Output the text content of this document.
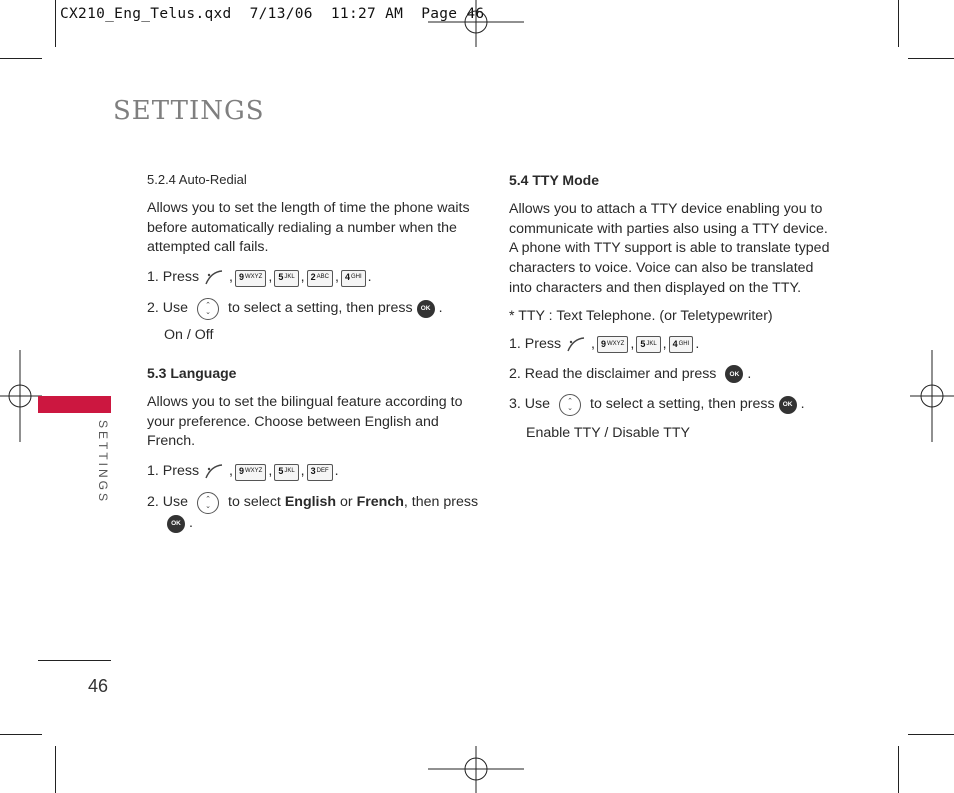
CX210_Eng_Telus.qxd  7/13/06  11:27 AM  Page 46
SETTINGS
SETTINGS
46

5.2.4 Auto-Redial

Allows you to set the length of time the phone waits before automatically redialing a number when the attempted call fails.

1. Press , 9 WXYZ , 5 JKL , 2 ABC , 4 GHI .
2. Use ⌃
⌄ to select a setting, then press	OK .

On / Off

5.3 Language

Allows you to set the bilingual feature according to your preference. Choose between English and French.

1. Press , 9 WXYZ , 5 JKL , 3 DEF .
2. Use ⌃
⌄ to select
English
or
French , then press
OK .

5.4 TTY Mode

Allows you to attach a TTY device enabling you to communicate with parties also using a TTY device. A phone with TTY support is able to translate typed characters to voice. Voice can also be translated into characters and then displayed on the TTY.

* TTY : Text Telephone. (or Teletypewriter)

1. Press , 9 WXYZ , 5 JKL , 4 GHI .
2. Read the disclaimer and press	OK .
3. Use ⌃
⌄ to select a setting, then press	OK .

Enable TTY / Disable TTY
